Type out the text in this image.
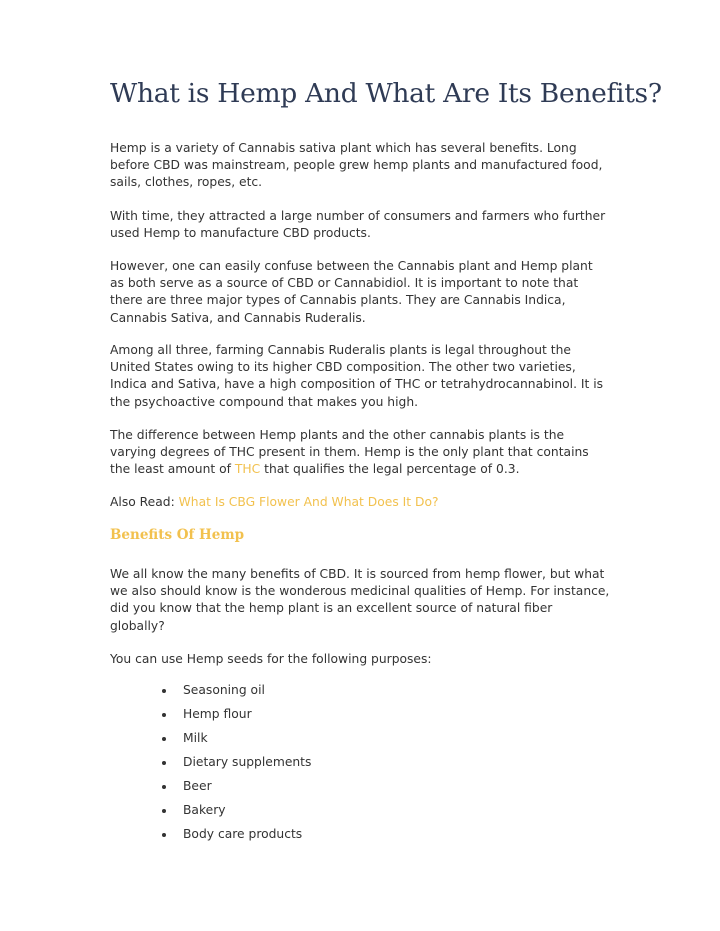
What is Hemp And What Are Its Benefits?

Hemp is a variety of Cannabis sativa plant which has several benefits. Long before CBD was mainstream, people grew hemp plants and manufactured food, sails, clothes, ropes, etc.

With time, they attracted a large number of consumers and farmers who further used Hemp to manufacture CBD products.

However, one can easily confuse between the Cannabis plant and Hemp plant as both serve as a source of CBD or Cannabidiol. It is important to note that there are three major types of Cannabis plants. They are Cannabis Indica, Cannabis Sativa, and Cannabis Ruderalis.

Among all three, farming Cannabis Ruderalis plants is legal throughout the United States owing to its higher CBD composition. The other two varieties, Indica and Sativa, have a high composition of THC or tetrahydrocannabinol. It is the psychoactive compound that makes you high.

The difference between Hemp plants and the other cannabis plants is the varying degrees of THC present in them. Hemp is the only plant that contains the least amount of THC that qualifies the legal percentage of 0.3.

Also Read: What Is CBG Flower And What Does It Do?

Benefits Of Hemp

We all know the many benefits of CBD. It is sourced from hemp flower, but what we also should know is the wonderous medicinal qualities of Hemp. For instance, did you know that the hemp plant is an excellent source of natural fiber globally?

You can use Hemp seeds for the following purposes:

Seasoning oil
Hemp flour
Milk
Dietary supplements
Beer
Bakery
Body care products
